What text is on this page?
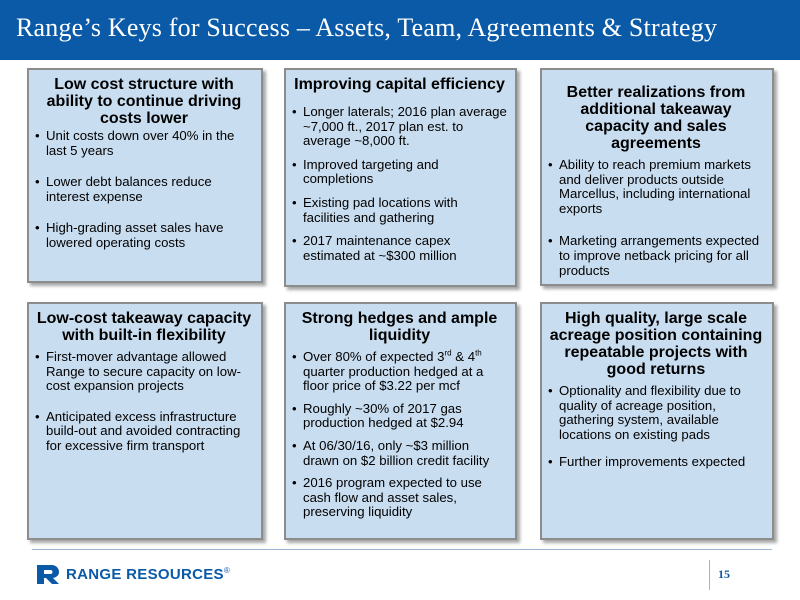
Range’s Keys for Success – Assets, Team, Agreements & Strategy
Low cost structure with ability to continue driving costs lower
• Unit costs down over 40% in the last 5 years
• Lower debt balances reduce interest expense
• High-grading asset sales have lowered operating costs
Improving capital efficiency
• Longer laterals; 2016 plan average ~7,000 ft., 2017 plan est. to average ~8,000 ft.
• Improved targeting and completions
• Existing pad locations with facilities and gathering
• 2017 maintenance capex estimated at ~$300 million
Better realizations from additional takeaway capacity and sales agreements
• Ability to reach premium markets and deliver products outside Marcellus, including international exports
• Marketing arrangements expected to improve netback pricing for all products
Low-cost takeaway capacity with built-in flexibility
• First-mover advantage allowed Range to secure capacity on low-cost expansion projects
• Anticipated excess infrastructure build-out and avoided contracting for excessive firm transport
Strong hedges and ample liquidity
• Over 80% of expected 3rd & 4th quarter production hedged at a floor price of $3.22 per mcf
• Roughly ~30% of 2017 gas production hedged at $2.94
• At 06/30/16, only ~$3 million drawn on $2 billion credit facility
• 2016 program expected to use cash flow and asset sales, preserving liquidity
High quality, large scale acreage position containing repeatable projects with good returns
• Optionality and flexibility due to quality of acreage position, gathering system, available locations on existing pads
• Further improvements expected
RANGE RESOURCES®	15
